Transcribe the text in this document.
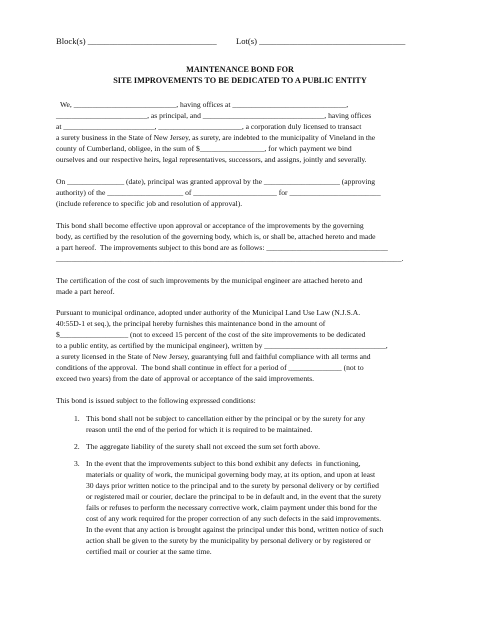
Block(s) ______________________________ Lot(s) __________________________________
MAINTENANCE BOND FOR
SITE IMPROVEMENTS TO BE DEDICATED TO A PUBLIC ENTITY
We, ___________________________, having offices at ______________________________,
________________________, as principal, and ________________________________, having offices
at ________________________, ______________________, a corporation duly licensed to transact
a surety business in the State of New Jersey, as surety, are indebted to the municipality of Vineland in the
county of Cumberland, obligee, in the sum of $_________________, for which payment we bind
ourselves and our respective heirs, legal representatives, successors, and assigns, jointly and severally.
On _______________ (date), principal was granted approval by the ____________________ (approving
authority) of the ____________________ of ______________________ for ________________________
(include reference to specific job and resolution of approval).
This bond shall become effective upon approval or acceptance of the improvements by the governing
body, as certified by the resolution of the governing body, which is, or shall be, attached hereto and made
a part hereof.  The improvements subject to this bond are as follows: ________________________________
___________________________________________________________________________________________.
The certification of the cost of such improvements by the municipal engineer are attached hereto and
made a part hereof.
Pursuant to municipal ordinance, adopted under authority of the Municipal Land Use Law (N.J.S.A.
40:55D-1 et seq.), the principal hereby furnishes this maintenance bond in the amount of
$__________________ (not to exceed 15 percent of the cost of the site improvements to be dedicated
to a public entity, as certified by the municipal engineer), written by ________________________________,
a surety licensed in the State of New Jersey, guarantying full and faithful compliance with all terms and
conditions of the approval.  The bond shall continue in effect for a period of ______________ (not to
exceed two years) from the date of approval or acceptance of the said improvements.
This bond is issued subject to the following expressed conditions:
1. This bond shall not be subject to cancellation either by the principal or by the surety for any
reason until the end of the period for which it is required to be maintained.
2. The aggregate liability of the surety shall not exceed the sum set forth above.
3. In the event that the improvements subject to this bond exhibit any defects  in functioning,
materials or quality of work, the municipal governing body may, at its option, and upon at least
30 days prior written notice to the principal and to the surety by personal delivery or by certified
or registered mail or courier, declare the principal to be in default and, in the event that the surety
fails or refuses to perform the necessary corrective work, claim payment under this bond for the
cost of any work required for the proper correction of any such defects in the said improvements.
In the event that any action is brought against the principal under this bond, written notice of such
action shall be given to the surety by the municipality by personal delivery or by registered or
certified mail or courier at the same time.
